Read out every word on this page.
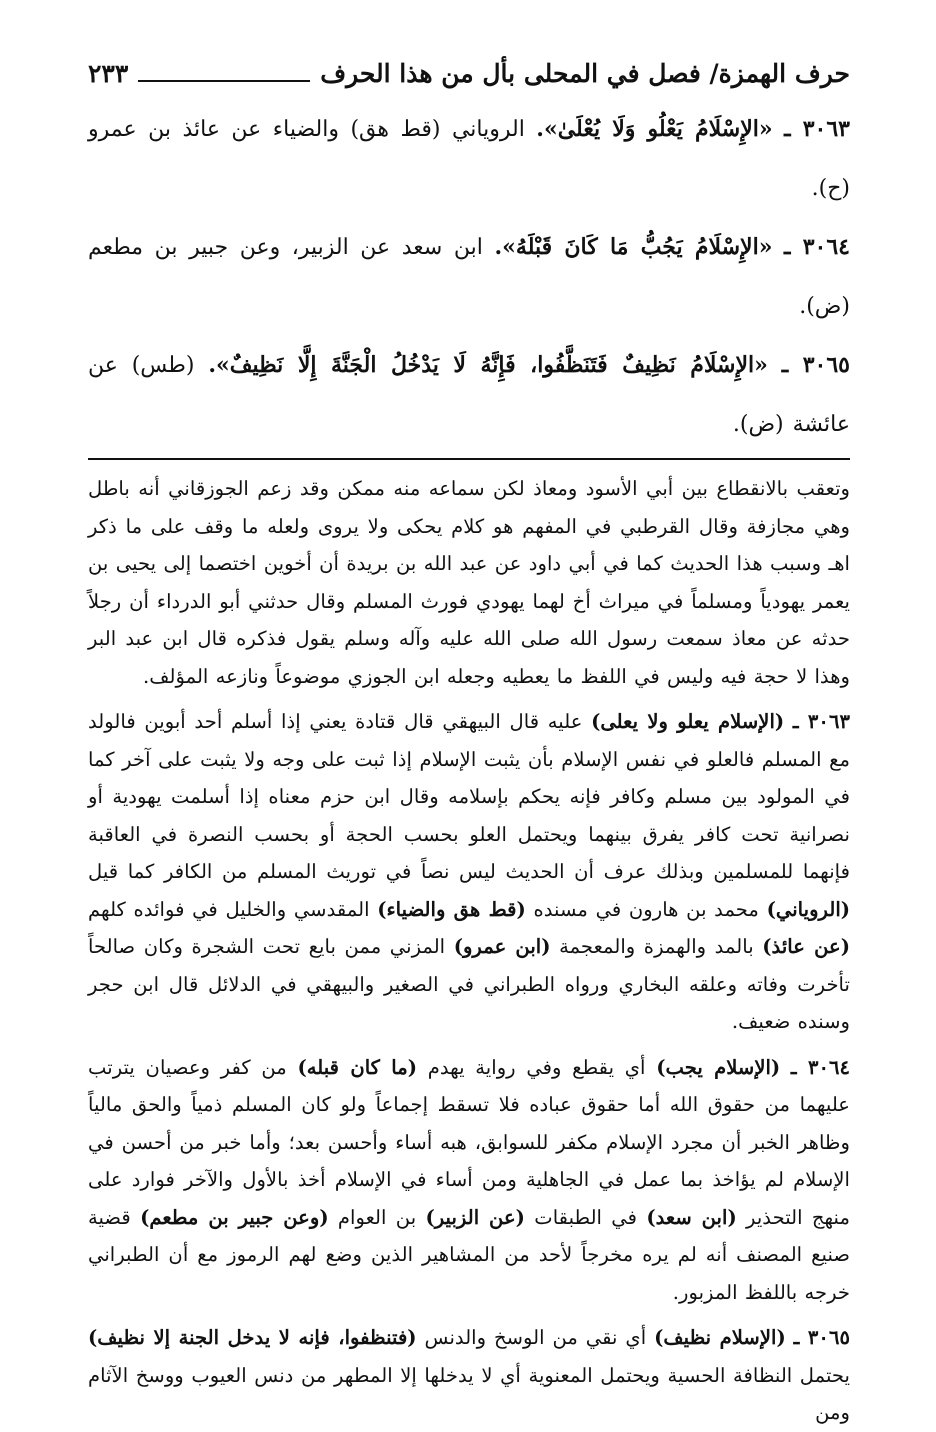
حرف الهمزة/ فصل في المحلى بأل من هذا الحرف
٢٣٣

٣٠٦٣ ـ «الإِسْلَامُ يَعْلُو وَلَا يُعْلَىٰ». الروياني (قط هق) والضياء عن عائذ بن عمرو (ح).

٣٠٦٤ ـ «الإِسْلَامُ يَجُبُّ مَا كَانَ قَبْلَهُ». ابن سعد عن الزبير، وعن جبير بن مطعم (ض).

٣٠٦٥ ـ «الإِسْلَامُ نَظِيفٌ فَتَنَظَّفُوا، فَإِنَّهُ لَا يَدْخُلُ الْجَنَّةَ إِلَّا نَظِيفٌ». (طس) عن عائشة (ض).

وتعقب بالانقطاع بين أبي الأسود ومعاذ لكن سماعه منه ممكن وقد زعم الجوزقاني أنه باطل وهي مجازفة وقال القرطبي في المفهم هو كلام يحكى ولا يروى ولعله ما وقف على ما ذكر اهـ وسبب هذا الحديث كما في أبي داود عن عبد الله بن بريدة أن أخوين اختصما إلى يحيى بن يعمر يهودياً ومسلماً في ميراث أخ لهما يهودي فورث المسلم وقال حدثني أبو الدرداء أن رجلاً حدثه عن معاذ سمعت رسول الله صلى الله عليه وآله وسلم يقول فذكره قال ابن عبد البر وهذا لا حجة فيه وليس في اللفظ ما يعطيه وجعله ابن الجوزي موضوعاً ونازعه المؤلف.

٣٠٦٣ ـ (الإسلام يعلو ولا يعلى) عليه قال البيهقي قال قتادة يعني إذا أسلم أحد أبوين فالولد مع المسلم فالعلو في نفس الإسلام بأن يثبت الإسلام إذا ثبت على وجه ولا يثبت على آخر كما في المولود بين مسلم وكافر فإنه يحكم بإسلامه وقال ابن حزم معناه إذا أسلمت يهودية أو نصرانية تحت كافر يفرق بينهما ويحتمل العلو بحسب الحجة أو بحسب النصرة في العاقبة فإنهما للمسلمين وبذلك عرف أن الحديث ليس نصاً في توريث المسلم من الكافر كما قيل (الروياني) محمد بن هارون في مسنده (قط هق والضياء) المقدسي والخليل في فوائده كلهم (عن عائذ) بالمد والهمزة والمعجمة (ابن عمرو) المزني ممن بايع تحت الشجرة وكان صالحاً تأخرت وفاته وعلقه البخاري ورواه الطبراني في الصغير والبيهقي في الدلائل قال ابن حجر وسنده ضعيف.

٣٠٦٤ ـ (الإسلام يجب) أي يقطع وفي رواية يهدم (ما كان قبله) من كفر وعصيان يترتب عليهما من حقوق الله أما حقوق عباده فلا تسقط إجماعاً ولو كان المسلم ذمياً والحق مالياً وظاهر الخبر أن مجرد الإسلام مكفر للسوابق، هبه أساء وأحسن بعد؛ وأما خبر من أحسن في الإسلام لم يؤاخذ بما عمل في الجاهلية ومن أساء في الإسلام أخذ بالأول والآخر فوارد على منهج التحذير (ابن سعد) في الطبقات (عن الزبير) بن العوام (وعن جبير بن مطعم) قضية صنيع المصنف أنه لم يره مخرجاً لأحد من المشاهير الذين وضع لهم الرموز مع أن الطبراني خرجه باللفظ المزبور.

٣٠٦٥ ـ (الإسلام نظيف) أي نقي من الوسخ والدنس (فتنظفوا، فإنه لا يدخل الجنة إلا نظيف) يحتمل النظافة الحسية ويحتمل المعنوية أي لا يدخلها إلا المطهر من دنس العيوب ووسخ الآثام ومن
